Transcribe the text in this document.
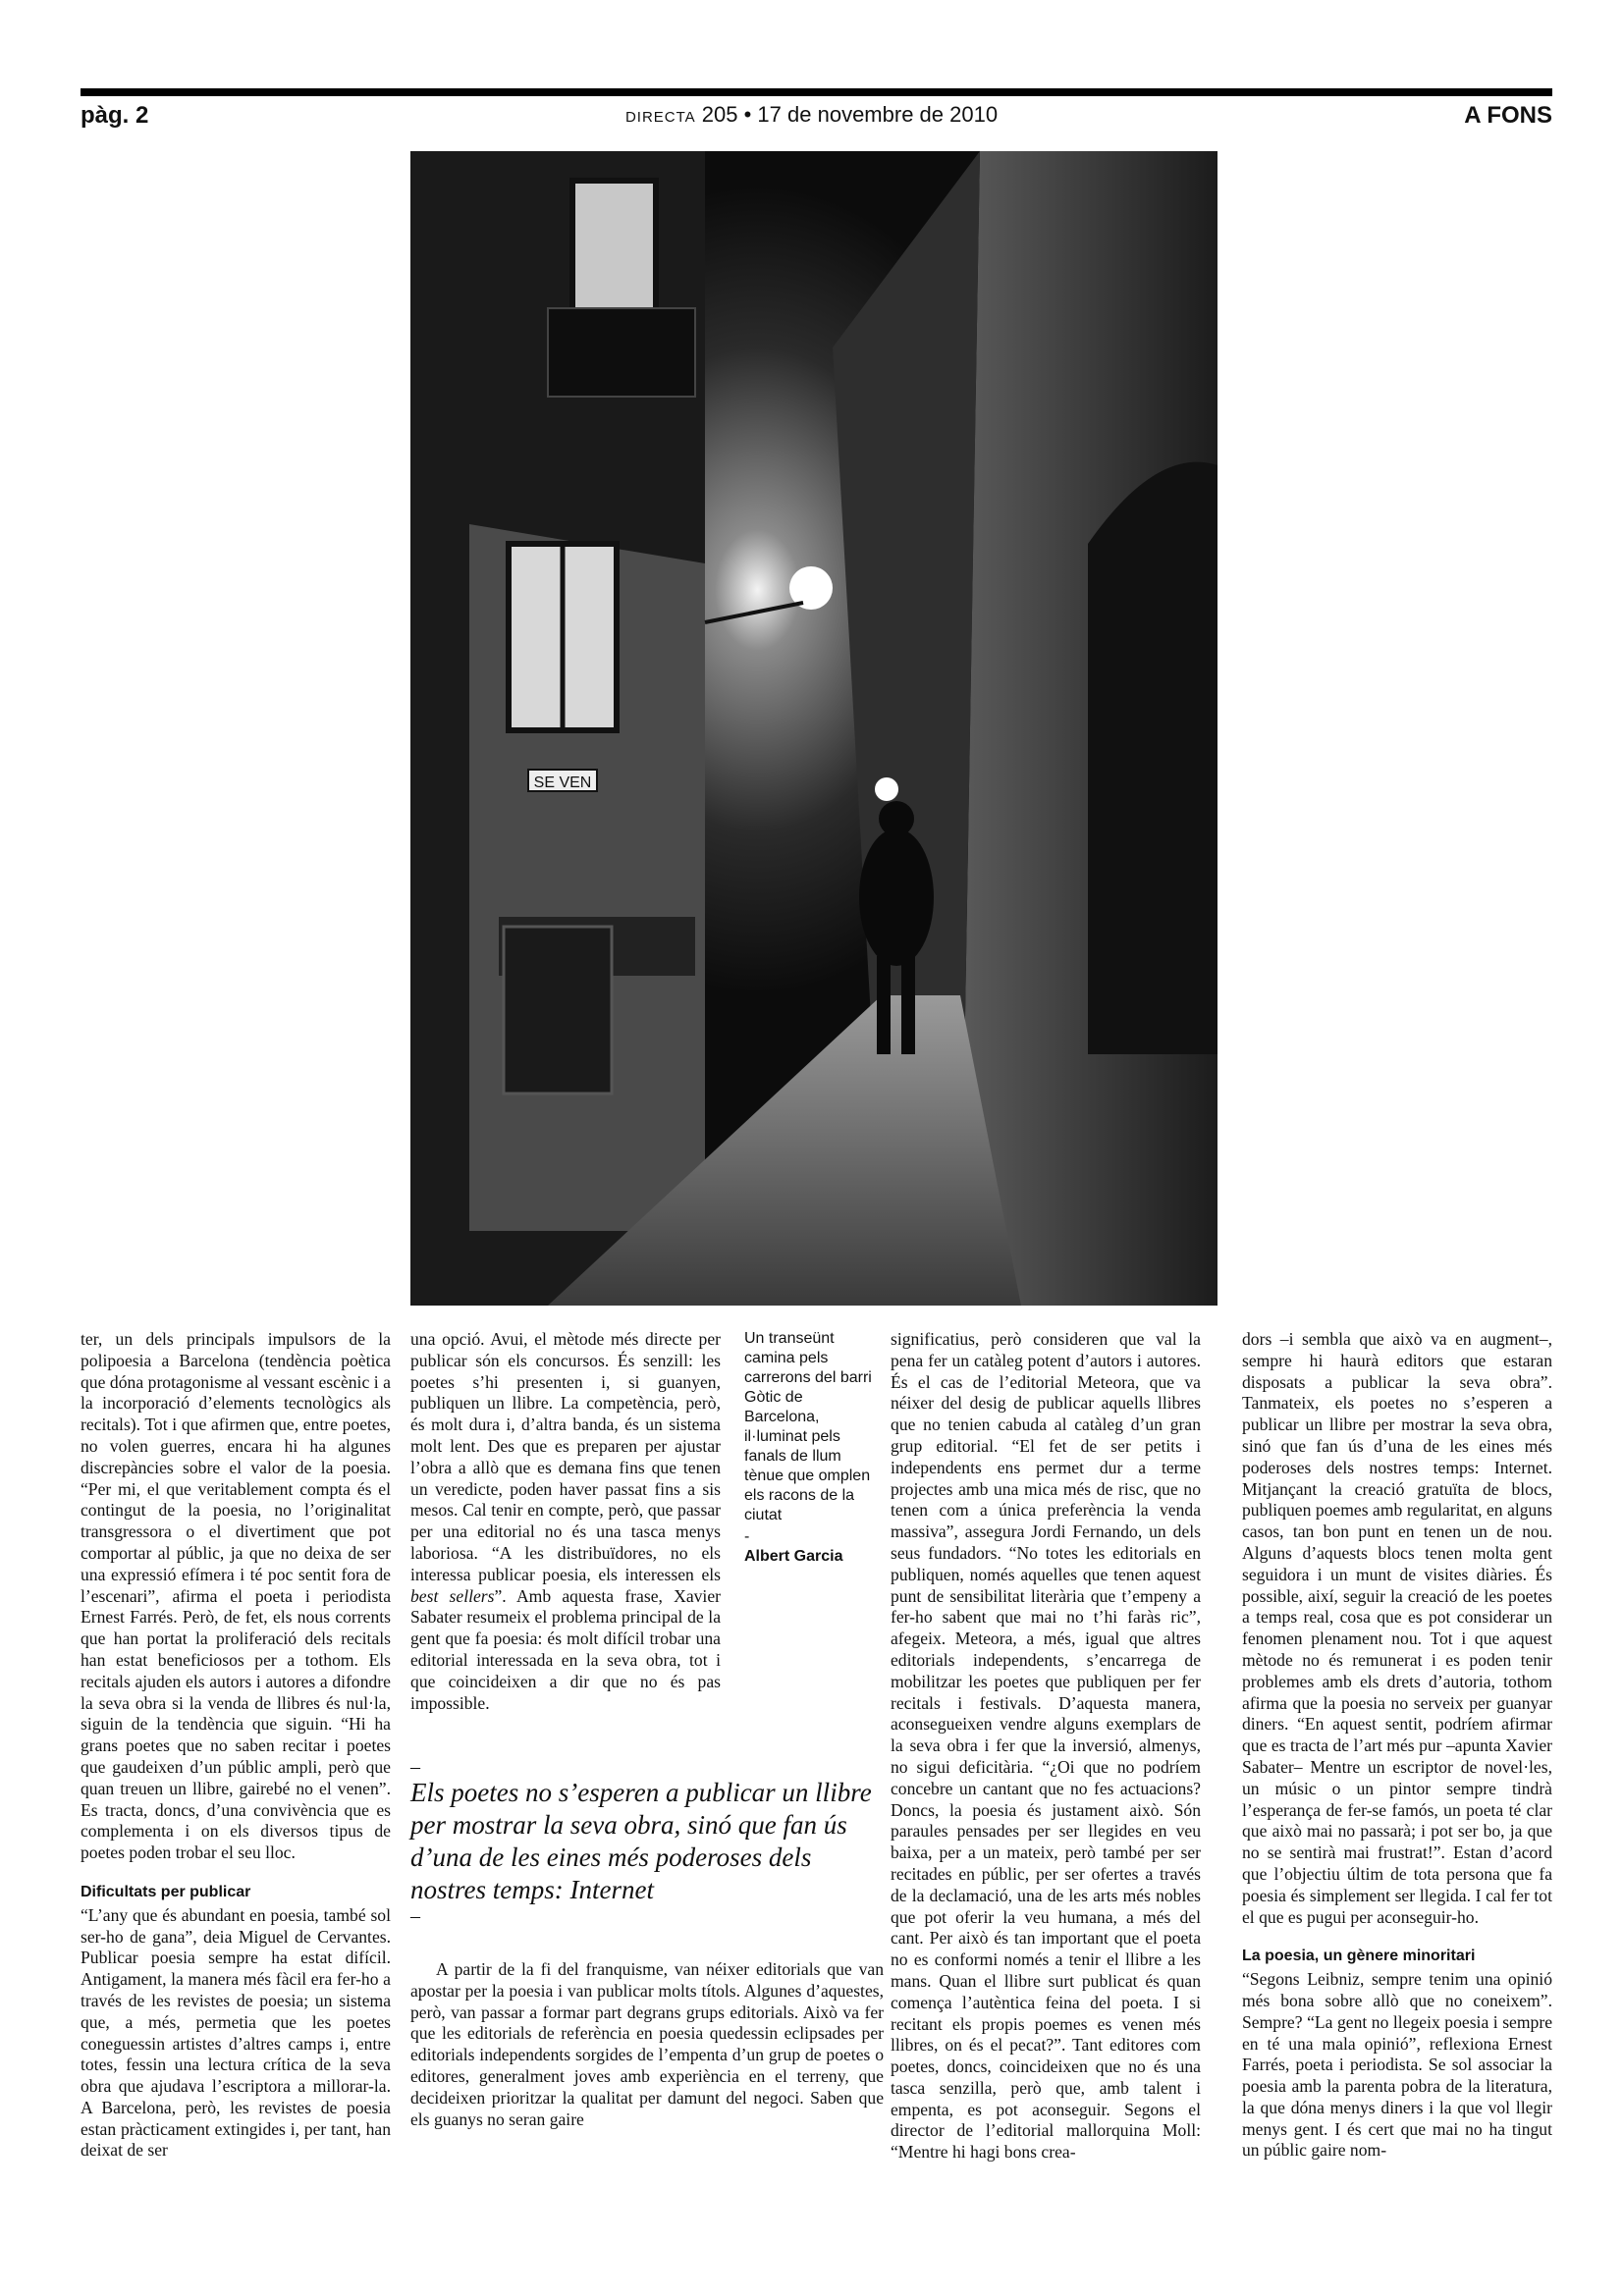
pàg. 2	DIRECTA 205 • 17 de novembre de 2010	A FONS
SE VEN

ter, un dels principals impulsors de la polipoesia a Barcelona (tendència poètica que dóna protagonisme al vessant escènic i a la incorporació d’elements tecnològics als recitals). Tot i que afirmen que, entre poetes, no volen guerres, encara hi ha algunes discrepàncies sobre el valor de la poesia. “Per mi, el que veritablement compta és el contingut de la poesia, no l’originalitat transgressora o el divertiment que pot comportar al públic, ja que no deixa de ser una expressió efímera i té poc sentit fora de l’escenari”, afirma el poeta i periodista Ernest Farrés. Però, de fet, els nous corrents que han portat la proliferació dels recitals han estat beneficiosos per a tothom. Els recitals ajuden els autors i autores a difondre la seva obra si la venda de llibres és nul·la, siguin de la tendència que siguin. “Hi ha grans poetes que no saben recitar i poetes que gaudeixen d’un públic ampli, però que quan treuen un llibre, gairebé no el venen”. Es tracta, doncs, d’una convivència que es complementa i on els diversos tipus de poetes poden trobar el seu lloc.

Dificultats per publicar

“L’any que és abundant en poesia, també sol ser-ho de gana”, deia Miguel de Cervantes. Publicar poesia sempre ha estat difícil. Antigament, la manera més fàcil era fer-ho a través de les revistes de poesia; un sistema que, a més, permetia que les poetes coneguessin artistes d’altres camps i, entre totes, fessin una lectura crítica de la seva obra que ajudava l’escriptora a millorar-la. A Barcelona, però, les revistes de poesia estan pràcticament extingides i, per tant, han deixat de ser

una opció. Avui, el mètode més directe per publicar són els concursos. És senzill: les poetes s’hi presenten i, si guanyen, publiquen un llibre. La competència, però, és molt dura i, d’altra banda, és un sistema molt lent. Des que es preparen per ajustar l’obra a allò que es demana fins que tenen un veredicte, poden haver passat fins a sis mesos. Cal tenir en compte, però, que passar per una editorial no és una tasca menys laboriosa. “A les distribuïdores, no els interessa publicar poesia, els interessen els best sellers”. Amb aquesta frase, Xavier Sabater resumeix el problema principal de la gent que fa poesia: és molt difícil trobar una editorial interessada en la seva obra, tot i que coincideixen a dir que no és pas impossible.

Un transeünt camina pels carrerons del barri Gòtic de Barcelona, il·luminat pels fanals de llum tènue que omplen els racons de la ciutat
-
Albert Garcia
–
Els poetes no s’esperen a publicar un llibre per mostrar la seva obra, sinó que fan ús d’una de les eines més poderoses dels nostres temps: Internet
–

A partir de la fi del franquisme, van néixer editorials que van apostar per la poesia i van publicar molts títols. Algunes d’aquestes, però, van passar a formar part degrans grups editorials. Això va fer que les editorials de referència en poesia quedessin eclipsades per editorials independents sorgides de l’empenta d’un grup de poetes o editores, generalment joves amb experiència en el terreny, que decideixen prioritzar la qualitat per damunt del negoci. Saben que els guanys no seran gaire

significatius, però consideren que val la pena fer un catàleg potent d’autors i autores. És el cas de l’editorial Meteora, que va néixer del desig de publicar aquells llibres que no tenien cabuda al catàleg d’un gran grup editorial. “El fet de ser petits i independents ens permet dur a terme projectes amb una mica més de risc, que no tenen com a única preferència la venda massiva”, assegura Jordi Fernando, un dels seus fundadors. “No totes les editorials en publiquen, només aquelles que tenen aquest punt de sensibilitat literària que t’empeny a fer-ho sabent que mai no t’hi faràs ric”, afegeix. Meteora, a més, igual que altres editorials independents, s’encarrega de mobilitzar les poetes que publiquen per fer recitals i festivals. D’aquesta manera, aconsegueixen vendre alguns exemplars de la seva obra i fer que la inversió, almenys, no sigui deficitària. “¿Oi que no podríem concebre un cantant que no fes actuacions? Doncs, la poesia és justament això. Són paraules pensades per ser llegides en veu baixa, per a un mateix, però també per ser recitades en públic, per ser ofertes a través de la declamació, una de les arts més nobles que pot oferir la veu humana, a més del cant. Per això és tan important que el poeta no es conformi només a tenir el llibre a les mans. Quan el llibre surt publicat és quan comença l’autèntica feina del poeta. I si recitant els propis poemes es venen més llibres, on és el pecat?”. Tant editores com poetes, doncs, coincideixen que no és una tasca senzilla, però que, amb talent i empenta, es pot aconseguir. Segons el director de l’editorial mallorquina Moll: “Mentre hi hagi bons crea-

dors –i sembla que això va en augment–, sempre hi haurà editors que estaran disposats a publicar la seva obra”. Tanmateix, els poetes no s’esperen a publicar un llibre per mostrar la seva obra, sinó que fan ús d’una de les eines més poderoses dels nostres temps: Internet. Mitjançant la creació gratuïta de blocs, publiquen poemes amb regularitat, en alguns casos, tan bon punt en tenen un de nou. Alguns d’aquests blocs tenen molta gent seguidora i un munt de visites diàries. És possible, així, seguir la creació de les poetes a temps real, cosa que es pot considerar un fenomen plenament nou. Tot i que aquest mètode no és remunerat i es poden tenir problemes amb els drets d’autoria, tothom afirma que la poesia no serveix per guanyar diners. “En aquest sentit, podríem afirmar que es tracta de l’art més pur –apunta Xavier Sabater– Mentre un escriptor de novel·les, un músic o un pintor sempre tindrà l’esperança de fer-se famós, un poeta té clar que això mai no passarà; i pot ser bo, ja que no se sentirà mai frustrat!”. Estan d’acord que l’objectiu últim de tota persona que fa poesia és simplement ser llegida. I cal fer tot el que es pugui per aconseguir-ho.

La poesia, un gènere minoritari

“Segons Leibniz, sempre tenim una opinió més bona sobre allò que no coneixem”. Sempre? “La gent no llegeix poesia i sempre en té una mala opinió”, reflexiona Ernest Farrés, poeta i periodista. Se sol associar la poesia amb la parenta pobra de la literatura, la que dóna menys diners i la que vol llegir menys gent. I és cert que mai no ha tingut un públic gaire nom-
